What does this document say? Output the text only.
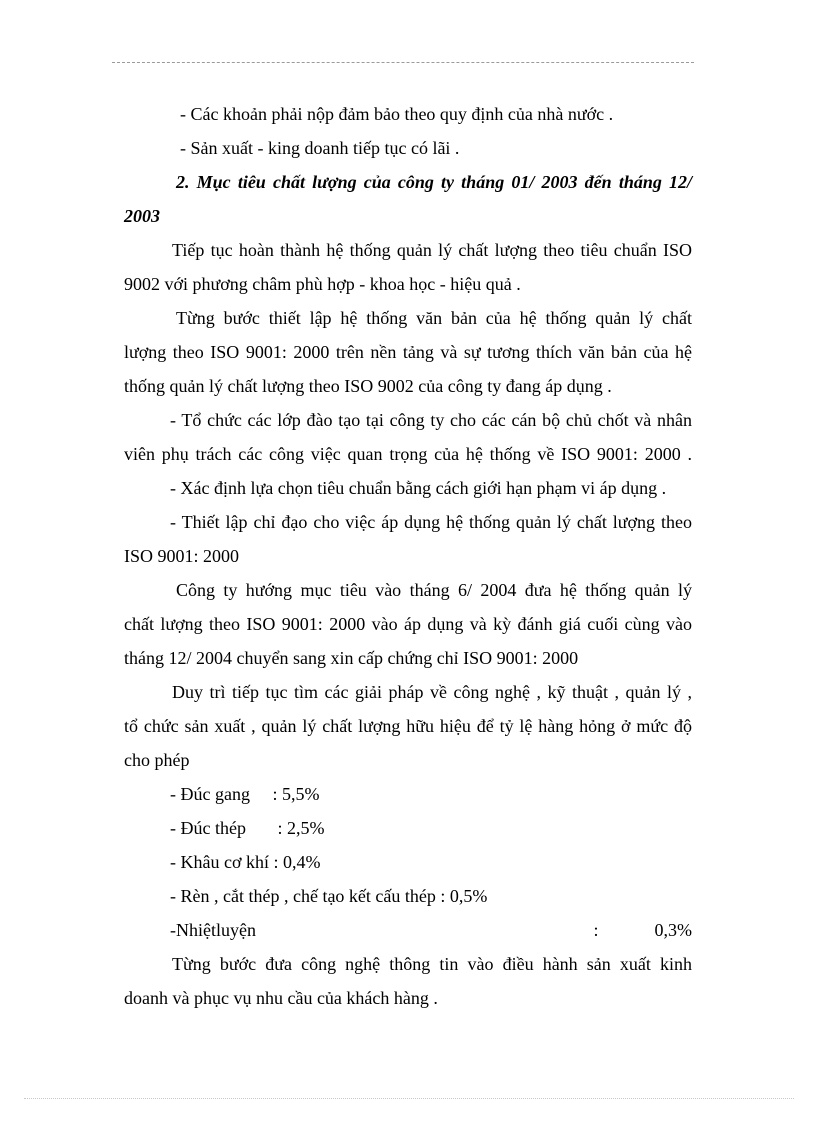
- Các khoản phải nộp đảm bảo theo quy định của nhà nước .
- Sản xuất - king doanh tiếp tục có lãi .
2. Mục tiêu chất lượng của công ty tháng 01/ 2003 đến tháng 12/
2003
Tiếp tục hoàn thành hệ thống quản lý chất lượng theo tiêu chuẩn ISO
9002 với phương châm phù hợp - khoa học - hiệu quả .
Từng bước thiết lập hệ thống văn bản của hệ thống quản lý chất
lượng theo ISO 9001: 2000 trên nền tảng và sự tương thích văn bản của hệ
thống quản lý chất lượng theo ISO 9002 của công ty đang áp dụng .
- Tổ chức các lớp đào tạo tại công ty cho các cán bộ chủ chốt và nhân
viên phụ trách các công việc quan trọng của hệ thống về ISO 9001: 2000 .
- Xác định lựa chọn tiêu chuẩn bằng cách giới hạn phạm vi áp dụng .
- Thiết lập chỉ đạo cho việc áp dụng hệ thống quản lý chất lượng theo
ISO 9001: 2000
Công ty hướng mục tiêu vào tháng 6/ 2004 đưa hệ thống quản lý
chất lượng theo ISO 9001: 2000 vào áp dụng và kỳ đánh giá cuối cùng vào
tháng 12/ 2004 chuyển sang xin cấp chứng chỉ ISO 9001: 2000
Duy trì tiếp tục tìm các giải pháp về công nghệ , kỹ thuật , quản lý ,
tổ chức sản xuất , quản lý chất lượng hữu hiệu để tỷ lệ hàng hỏng ở mức độ
cho phép
- Đúc gang     : 5,5%
- Đúc thép       : 2,5%
- Khâu cơ khí : 0,4%
- Rèn , cắt thép , chế tạo kết cấu thép : 0,5%
- Nhiệt luyện	:	0,3%
Từng bước đưa công nghệ thông tin vào điều hành sản xuất kinh
doanh và phục vụ nhu cầu của khách hàng .
